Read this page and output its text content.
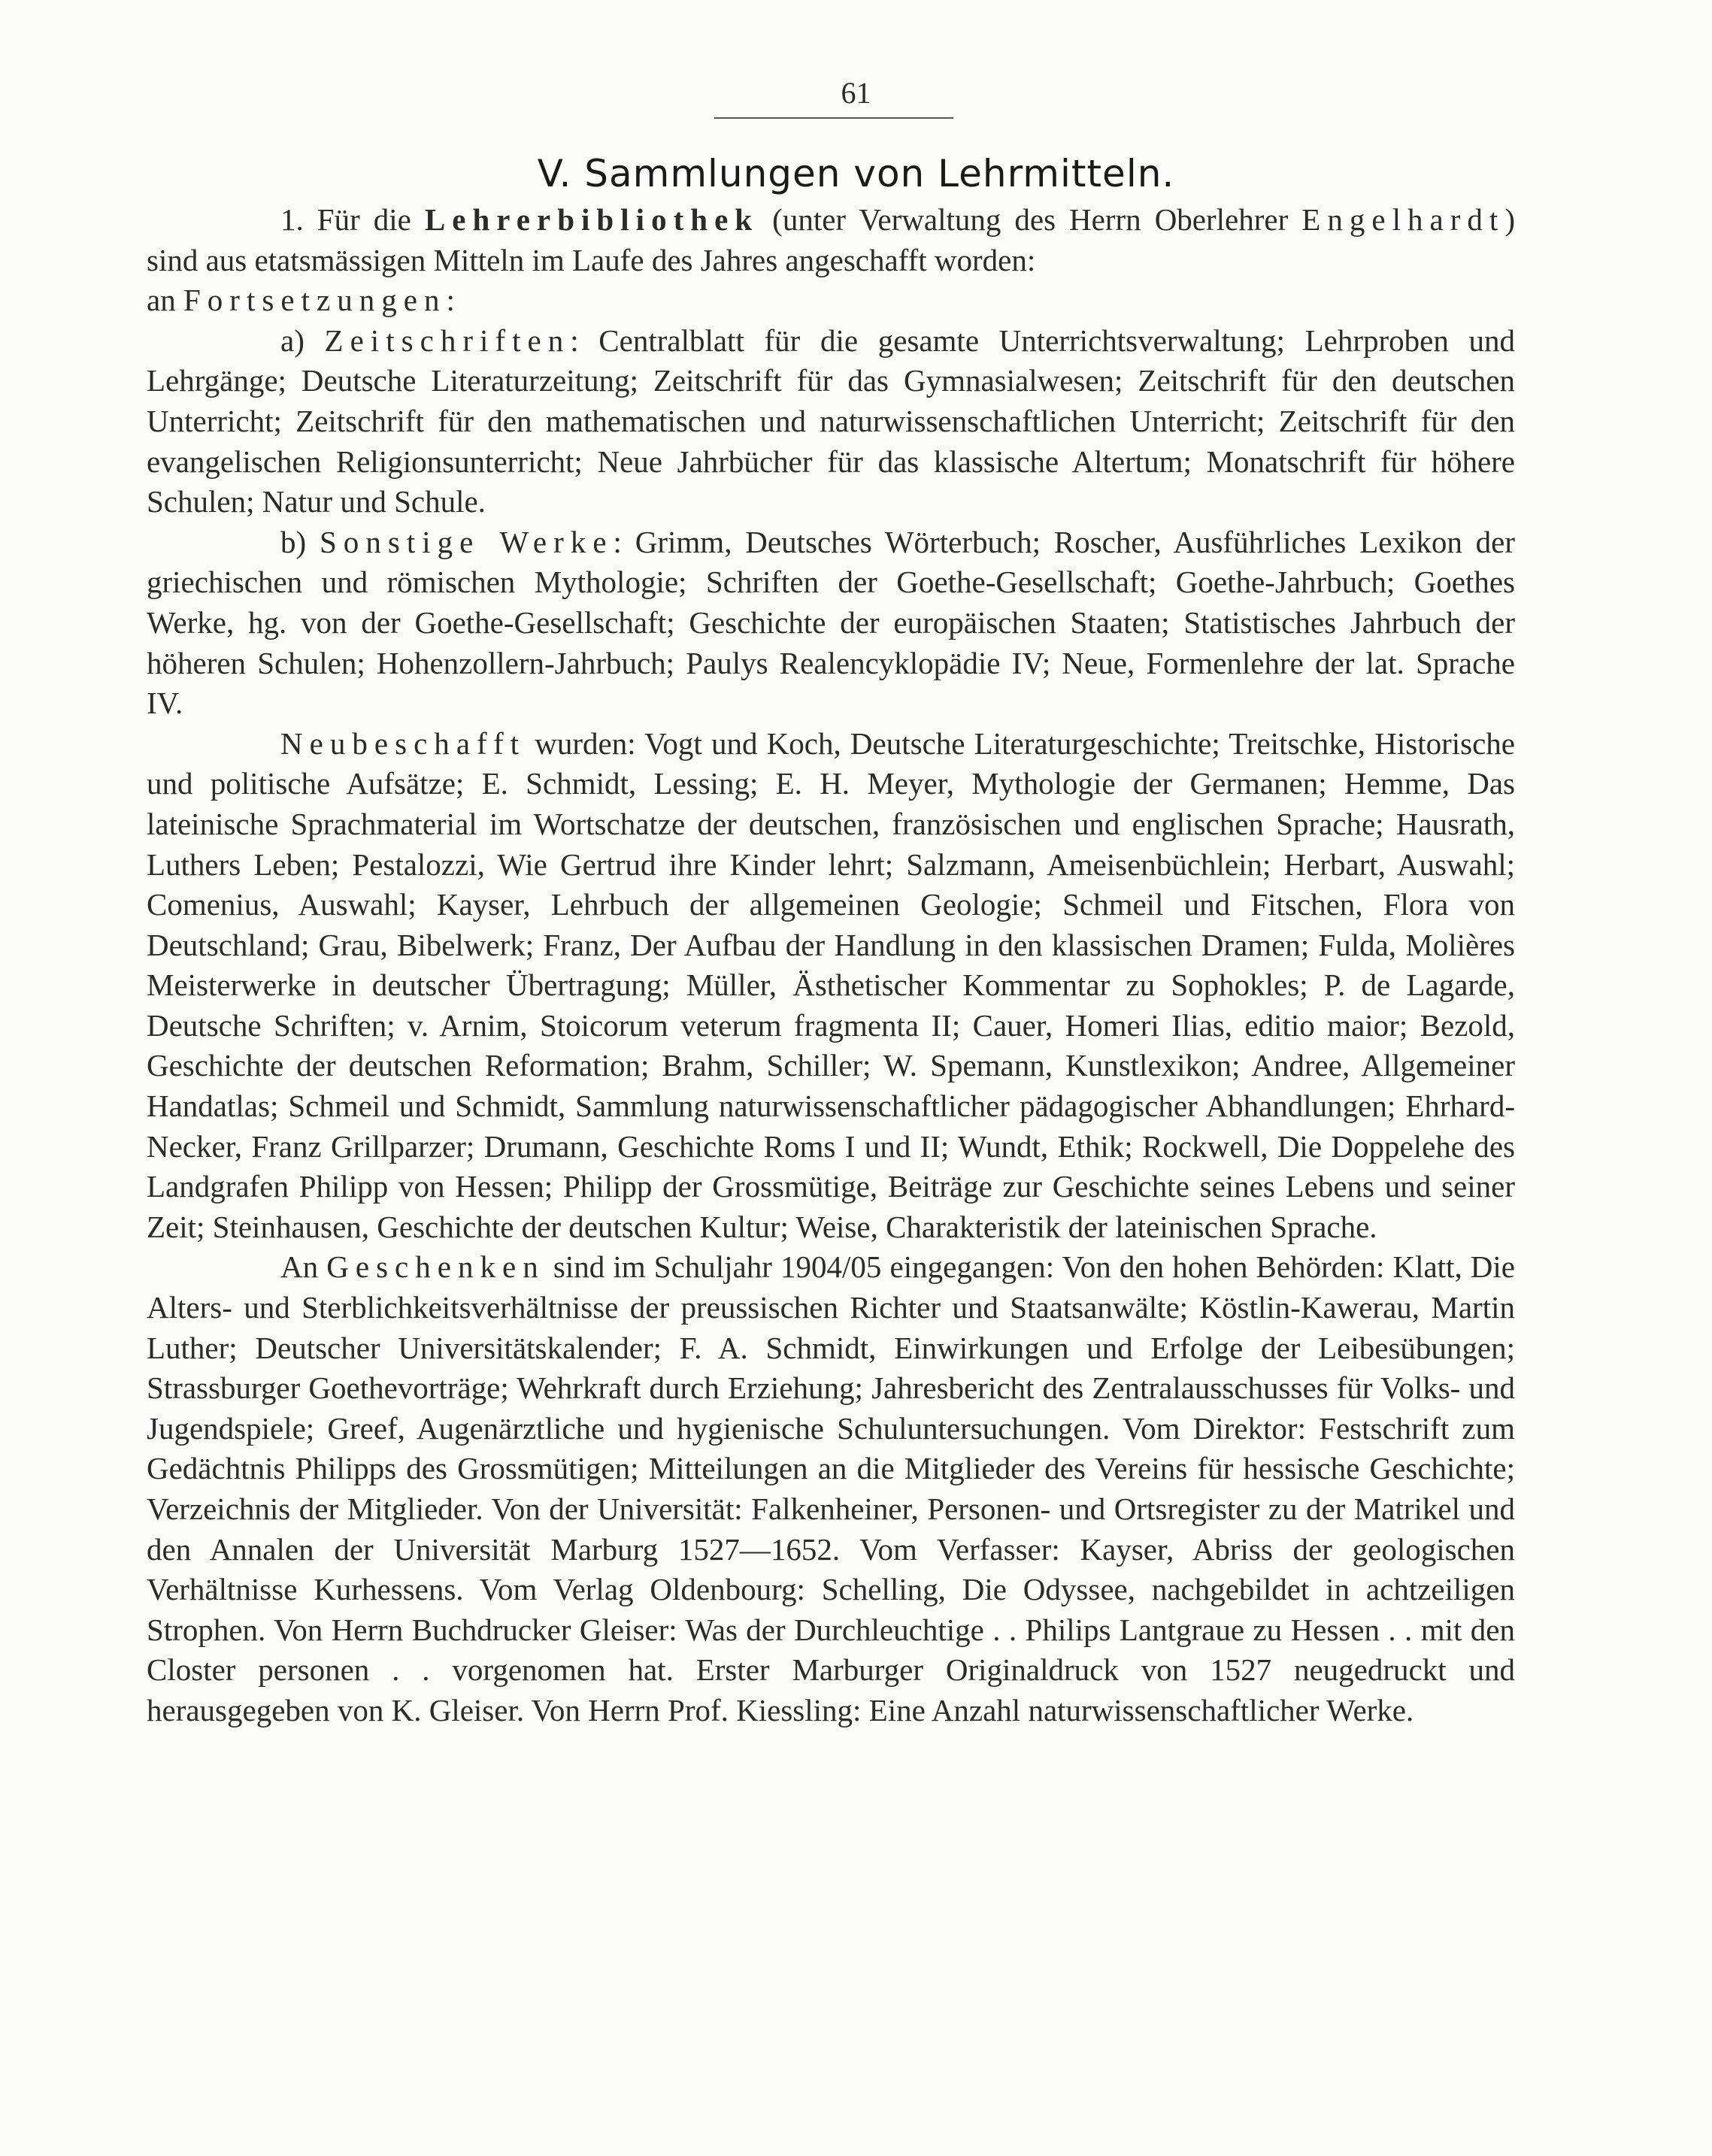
61
V. Sammlungen von Lehrmitteln.

1. Für die Lehrerbibliothek (unter Verwaltung des Herrn Oberlehrer Engelhardt) sind aus etatsmässigen Mitteln im Laufe des Jahres angeschafft worden:

an Fortsetzungen:

a) Zeitschriften: Centralblatt für die gesamte Unterrichtsverwaltung; Lehrproben und Lehrgänge; Deutsche Literaturzeitung; Zeitschrift für das Gymnasialwesen; Zeitschrift für den deutschen Unterricht; Zeitschrift für den mathematischen und naturwissenschaftlichen Unterricht; Zeitschrift für den evangelischen Religionsunterricht; Neue Jahrbücher für das klassische Altertum; Monatschrift für höhere Schulen; Natur und Schule.

b) Sonstige Werke: Grimm, Deutsches Wörterbuch; Roscher, Ausführliches Lexikon der griechischen und römischen Mythologie; Schriften der Goethe-Gesellschaft; Goethe-Jahrbuch; Goethes Werke, hg. von der Goethe-Gesellschaft; Geschichte der europäischen Staaten; Statistisches Jahrbuch der höheren Schulen; Hohenzollern-Jahrbuch; Paulys Realencyklopädie IV; Neue, Formenlehre der lat. Sprache IV.

Neubeschafft wurden: Vogt und Koch, Deutsche Literaturgeschichte; Treitschke, Historische und politische Aufsätze; E. Schmidt, Lessing; E. H. Meyer, Mythologie der Germanen; Hemme, Das lateinische Sprachmaterial im Wortschatze der deutschen, französischen und englischen Sprache; Hausrath, Luthers Leben; Pestalozzi, Wie Gertrud ihre Kinder lehrt; Salzmann, Ameisenbüchlein; Herbart, Auswahl; Comenius, Auswahl; Kayser, Lehrbuch der allgemeinen Geologie; Schmeil und Fitschen, Flora von Deutschland; Grau, Bibelwerk; Franz, Der Aufbau der Handlung in den klassischen Dramen; Fulda, Molières Meisterwerke in deutscher Übertragung; Müller, Ästhetischer Kommentar zu Sophokles; P. de Lagarde, Deutsche Schriften; v. Arnim, Stoicorum veterum fragmenta II; Cauer, Homeri Ilias, editio maior; Bezold, Geschichte der deutschen Reformation; Brahm, Schiller; W. Spemann, Kunstlexikon; Andree, Allgemeiner Handatlas; Schmeil und Schmidt, Sammlung naturwissenschaftlicher pädagogischer Abhandlungen; Ehrhard-Necker, Franz Grillparzer; Drumann, Geschichte Roms I und II; Wundt, Ethik; Rockwell, Die Doppelehe des Landgrafen Philipp von Hessen; Philipp der Grossmütige, Beiträge zur Geschichte seines Lebens und seiner Zeit; Steinhausen, Geschichte der deutschen Kultur; Weise, Charakteristik der lateinischen Sprache.

An Geschenken sind im Schuljahr 1904/05 eingegangen: Von den hohen Behörden: Klatt, Die Alters- und Sterblichkeitsverhältnisse der preussischen Richter und Staatsanwälte; Köstlin-Kawerau, Martin Luther; Deutscher Universitätskalender; F. A. Schmidt, Einwirkungen und Erfolge der Leibesübungen; Strassburger Goethevorträge; Wehrkraft durch Erziehung; Jahresbericht des Zentralausschusses für Volks- und Jugendspiele; Greef, Augenärztliche und hygienische Schuluntersuchungen. Vom Direktor: Festschrift zum Gedächtnis Philipps des Grossmütigen; Mitteilungen an die Mitglieder des Vereins für hessische Geschichte; Verzeichnis der Mitglieder. Von der Universität: Falkenheiner, Personen- und Ortsregister zu der Matrikel und den Annalen der Universität Marburg 1527—1652. Vom Verfasser: Kayser, Abriss der geologischen Verhältnisse Kurhessens. Vom Verlag Oldenbourg: Schelling, Die Odyssee, nachgebildet in achtzeiligen Strophen. Von Herrn Buchdrucker Gleiser: Was der Durchleuchtige . . Philips Lantgraue zu Hessen . . mit den Closter personen . . vorgenomen hat. Erster Marburger Originaldruck von 1527 neugedruckt und herausgegeben von K. Gleiser. Von Herrn Prof. Kiessling: Eine Anzahl naturwissenschaftlicher Werke.
